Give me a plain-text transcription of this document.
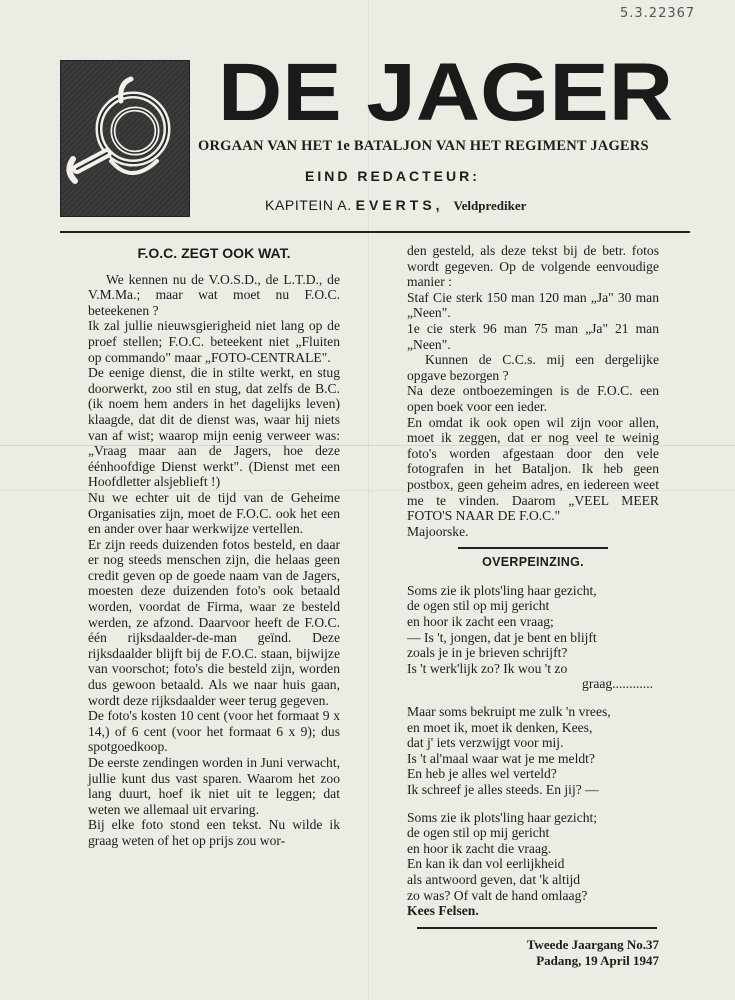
5.3.22367
DE JAGER
ORGAAN VAN HET 1e BATALJON VAN HET REGIMENT JAGERS
EIND REDACTEUR:
KAPITEIN A. EVERTS, Veldprediker
F.O.C. ZEGT OOK WAT.

We kennen nu de V.O.S.D., de L.T.D., de V.M.Ma.; maar wat moet nu F.O.C. beteekenen ?

Ik zal jullie nieuwsgierigheid niet lang op de proef stellen; F.O.C. beteekent niet „Fluiten op commando" maar „FOTO-CENTRALE".

De eenige dienst, die in stilte werkt, en stug doorwerkt, zoo stil en stug, dat zelfs de B.C. (ik noem hem anders in het dagelijks leven) klaagde, dat dit de dienst was, waar hij niets van af wist; waarop mijn eenig verweer was: „Vraag maar aan de Jagers, hoe deze éénhoofdige Dienst werkt". (Dienst met een Hoofdletter alsjeblieft !)

Nu we echter uit de tijd van de Geheime Organisaties zijn, moet de F.O.C. ook het een en ander over haar werkwijze vertellen.

Er zijn reeds duizenden fotos besteld, en daar er nog steeds menschen zijn, die helaas geen credit geven op de goede naam van de Jagers, moesten deze duizenden foto's ook betaald worden, voordat de Firma, waar ze besteld werden, ze afzond. Daarvoor heeft de F.O.C. één rijksdaalder-de-man geïnd. Deze rijksdaalder blijft bij de F.O.C. staan, bijwijze van voorschot; foto's die besteld zijn, worden dus gewoon betaald. Als we naar huis gaan, wordt deze rijksdaalder weer terug gegeven.

De foto's kosten 10 cent (voor het formaat 9 x 14,) of 6 cent (voor het formaat 6 x 9); dus spotgoedkoop.

De eerste zendingen worden in Juni verwacht, jullie kunt dus vast sparen. Waarom het zoo lang duurt, hoef ik niet uit te leggen; dat weten we allemaal uit ervaring.

Bij elke foto stond een tekst. Nu wilde ik graag weten of het op prijs zou wor-

den gesteld, als deze tekst bij de betr. fotos wordt gegeven. Op de volgende eenvoudige manier :

Staf Cie sterk 150 man 120 man „Ja" 30 man „Neen".

1e cie sterk 96 man 75 man „Ja" 21 man „Neen".

Kunnen de C.C.s. mij een dergelijke opgave bezorgen ?

Na deze ontboezemingen is de F.O.C. een open boek voor een ieder.

En omdat ik ook open wil zijn voor allen, moet ik zeggen, dat er nog veel te weinig foto's worden afgestaan door den vele fotografen in het Bataljon. Ik heb geen postbox, geen geheim adres, en iedereen weet me te vinden. Daarom „VEEL MEER FOTO'S NAAR DE F.O.C."

Majoorske.

OVERPEINZING.

Soms zie ik plots'ling haar gezicht,

de ogen stil op mij gericht

en hoor ik zacht een vraag;

— Is 't, jongen, dat je bent en blijft

zoals je in je brieven schrijft?

Is 't werk'lijk zo? Ik wou 't zo

graag............

Maar soms bekruipt me zulk 'n vrees,

en moet ik, moet ik denken, Kees,

dat j' iets verzwijgt voor mij.

Is 't al'maal waar wat je me meldt?

En heb je alles wel verteld?

Ik schreef je alles steeds. En jij? —

Soms zie ik plots'ling haar gezicht;

de ogen stil op mij gericht

en hoor ik zacht die vraag.

En kan ik dan vol eerlijkheid

als antwoord geven, dat 'k altijd

zo was? Of valt de hand omlaag?

Kees Felsen.

Tweede Jaargang No.37
Padang, 19 April 1947
